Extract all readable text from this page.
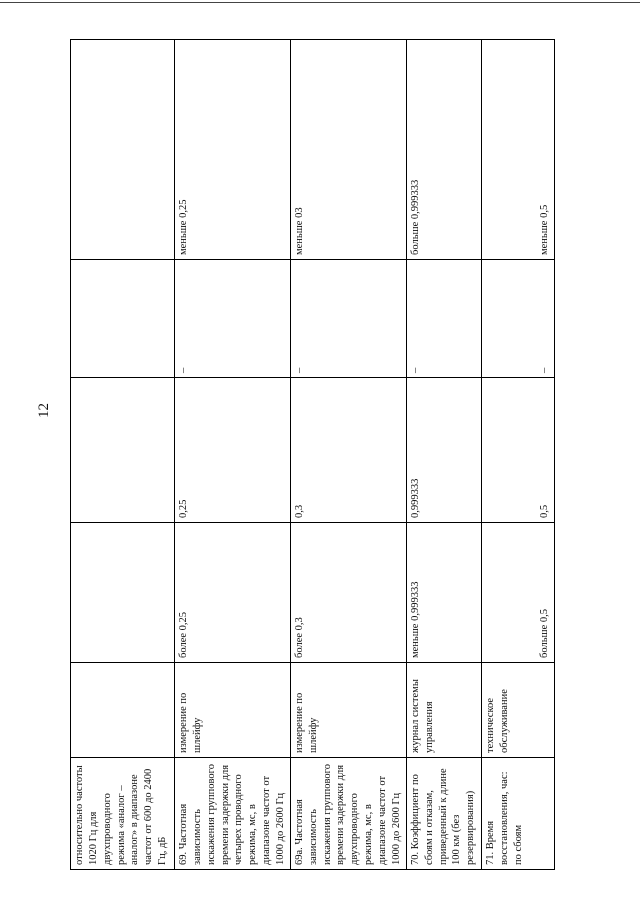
12
относительно частоты 1020 Гц для двухпроводного режима «аналог – аналог» в диапазоне частот от 600 до 2400 Гц, дБ					
69. Частотная зависимость искажения группового времени задержки для четырех проводного режима, мс, в диапазоне частот от 1000 до 2600 Гц	измерение по шлейфу	более 0,25	0,25	–	меньше 0,25
69а. Частотная зависимость искажения группового времени задержки для двухпроводного режима, мс, в диапазоне частот от 1000 до 2600 Гц	измерение по шлейфу	более 0,3	0,3	–	меньше 03
70. Коэффициент по сбоям и отказам, приведенный к длине 100 км (без резервирования)	журнал системы управления	меньше 0,999333	0,999333	–	больше 0,999333
71. Время восстановления, час: по сбоям	техническое обслуживание	больше 0,5	0,5	–	меньше 0,5
